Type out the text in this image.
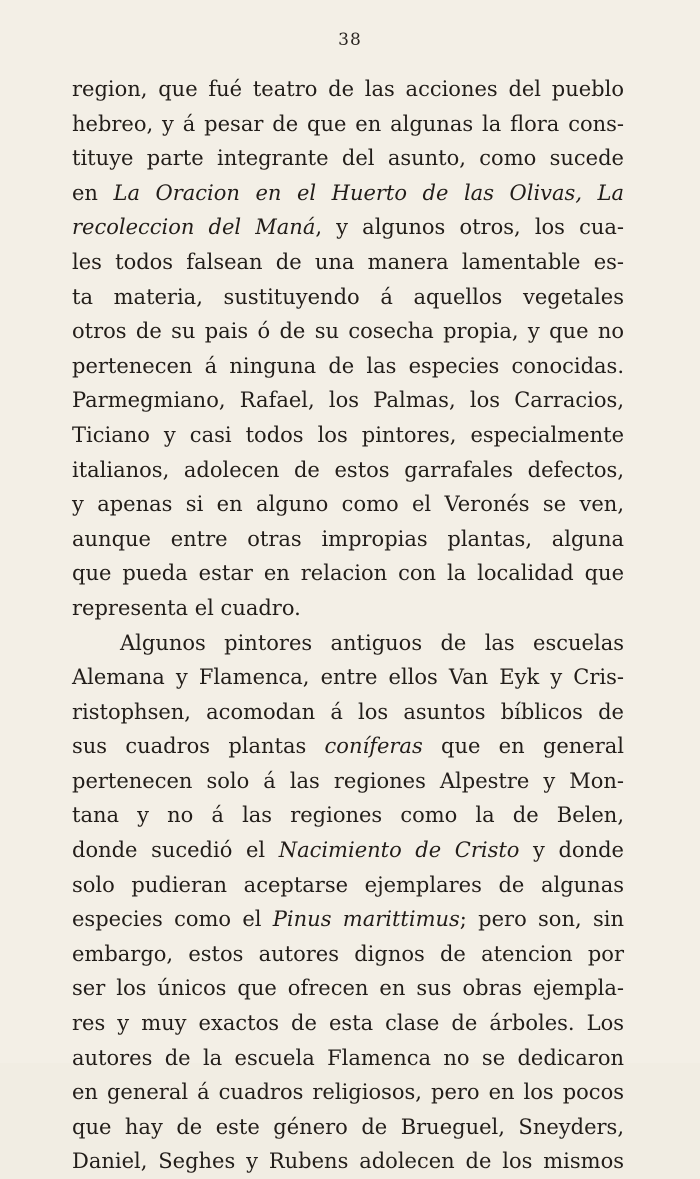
38
region, que fué teatro de las acciones del pueblo
hebreo, y á pesar de que en algunas la flora cons-
tituye parte integrante del asunto, como sucede
en La Oracion en el Huerto de las Olivas, La
recoleccion del Maná, y algunos otros, los cua-
les todos falsean de una manera lamentable es-
ta materia, sustituyendo á aquellos vegetales
otros de su pais ó de su cosecha propia, y que no
pertenecen á ninguna de las especies conocidas.
Parmegmiano, Rafael, los Palmas, los Carracios,
Ticiano y casi todos los pintores, especialmente
italianos, adolecen de estos garrafales defectos,
y apenas si en alguno como el Veronés se ven,
aunque entre otras impropias plantas, alguna
que pueda estar en relacion con la localidad que
representa el cuadro.
Algunos pintores antiguos de las escuelas
Alemana y Flamenca, entre ellos Van Eyk y Cris-
ristophsen, acomodan á los asuntos bíblicos de
sus cuadros plantas coníferas que en general
pertenecen solo á las regiones Alpestre y Mon-
tana y no á las regiones como la de Belen,
donde sucedió el Nacimiento de Cristo y donde
solo pudieran aceptarse ejemplares de algunas
especies como el Pinus marittimus; pero son, sin
embargo, estos autores dignos de atencion por
ser los únicos que ofrecen en sus obras ejempla-
res y muy exactos de esta clase de árboles. Los
autores de la escuela Flamenca no se dedicaron
en general á cuadros religiosos, pero en los pocos
que hay de este género de Brueguel, Sneyders,
Daniel, Seghes y Rubens adolecen de los mismos
